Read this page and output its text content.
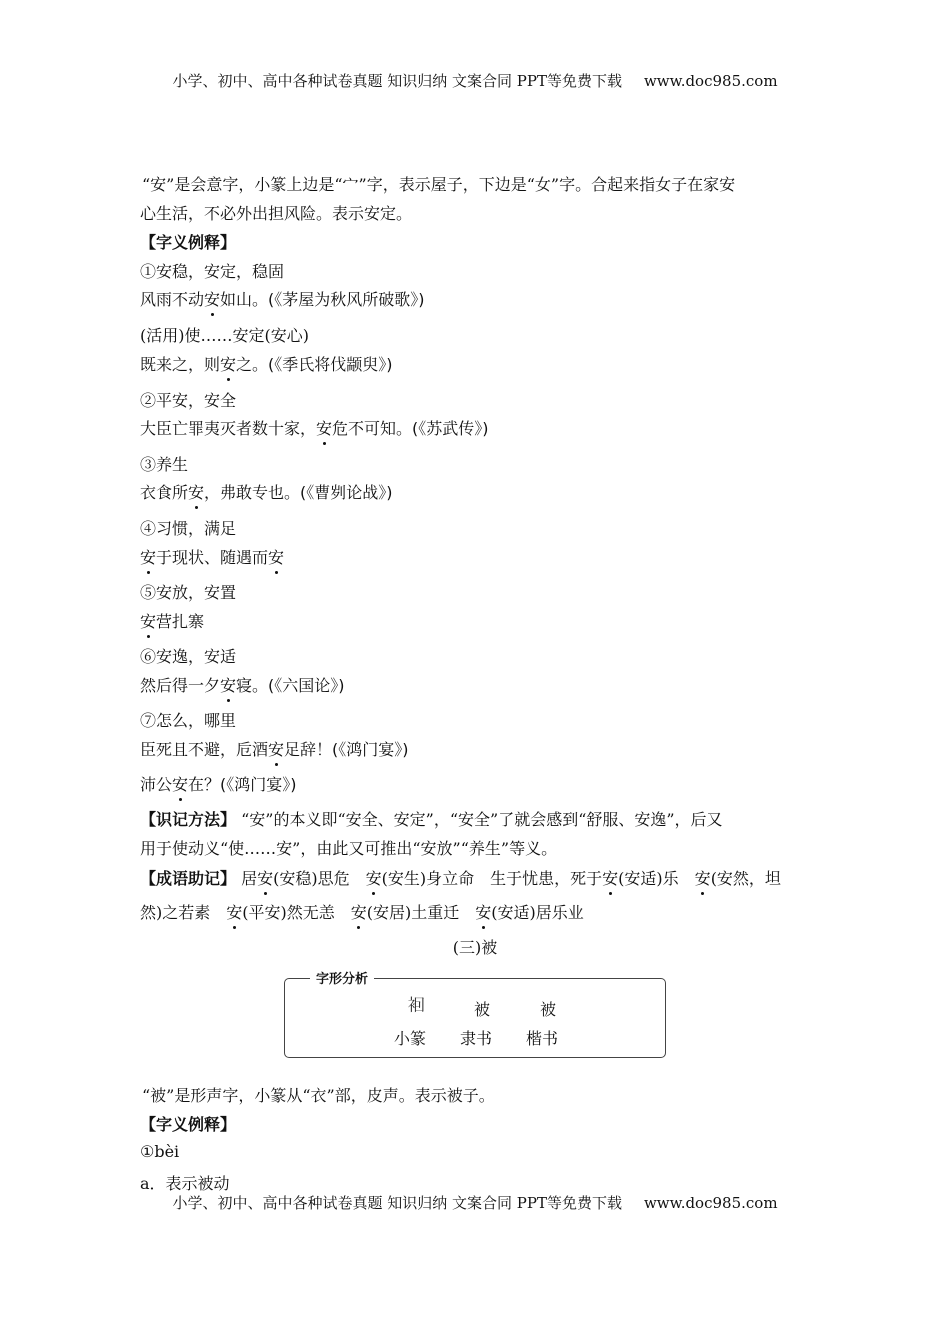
小学、初中、高中各种试卷真题 知识归纳 文案合同 PPT等免费下载 www.doc985.com
“安”是会意字，小篆上边是“宀”字，表示屋子，下边是“女”字。合起来指女子在家安
心生活，不必外出担风险。表示安定。
【字义例释】
①安稳，安定，稳固
风雨不动安如山。(《茅屋为秋风所破歌》)
(活用)使……安定(安心)
既来之，则安之。(《季氏将伐颛臾》)
②平安，安全
大臣亡罪夷灭者数十家，安危不可知。(《苏武传》)
③养生
衣食所安，弗敢专也。(《曹刿论战》)
④习惯，满足
安于现状、随遇而安
⑤安放，安置
安营扎寨
⑥安逸，安适
然后得一夕安寝。(《六国论》)
⑦怎么，哪里
臣死且不避，卮酒安足辞！(《鸿门宴》)
沛公安在？(《鸿门宴》)
【识记方法】 “安”的本义即“安全、安定”，“安全”了就会感到“舒服、安逸”，后又
用于使动义“使……安”，由此又可推出“安放”“养生”等义。
【成语助记】 居安(安稳)思危　安(安生)身立命　生于忧患，死于安(安适)乐　安(安然，坦
然)之若素　安(平安)然无恙　安(安居)土重迁　安(安适)居乐业
(三)被
字形分析
𧙊	被	被
小篆	隶书	楷书
“被”是形声字，小篆从“衣”部，皮声。表示被子。
【字义例释】
①bèi
a．表示被动
小学、初中、高中各种试卷真题 知识归纳 文案合同 PPT等免费下载 www.doc985.com
